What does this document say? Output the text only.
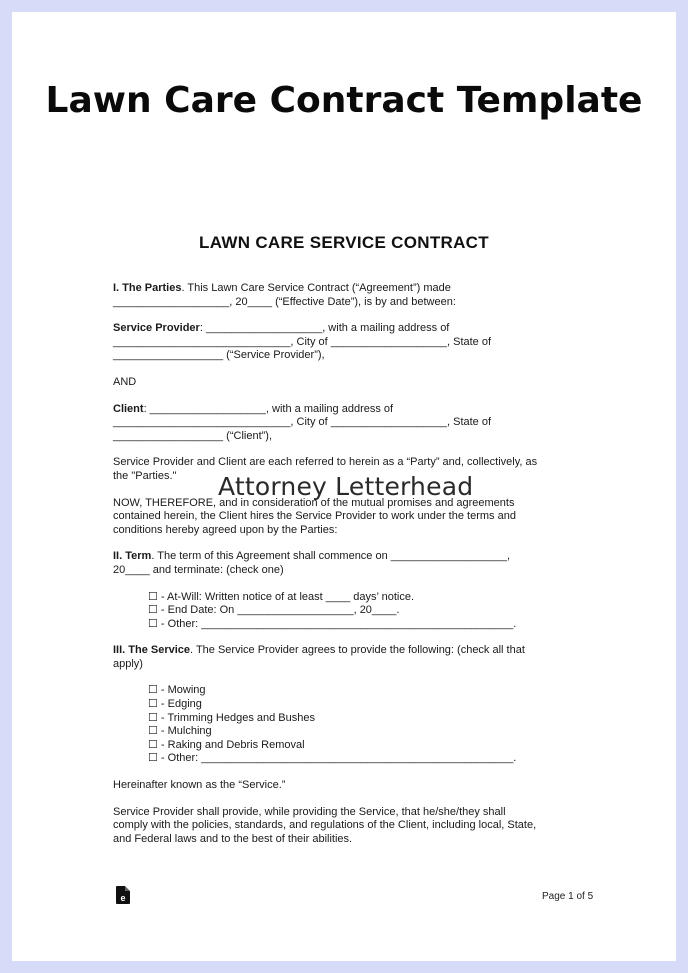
Lawn Care Contract Template
LAWN CARE SERVICE CONTRACT
I. The Parties. This Lawn Care Service Contract (“Agreement”) made
___________________, 20____ (“Effective Date”), is by and between:
Service Provider: ___________________, with a mailing address of
_____________________________, City of ___________________, State of
__________________ (“Service Provider”),
AND
Client: ___________________, with a mailing address of
_____________________________, City of ___________________, State of
__________________ (“Client”),
Service Provider and Client are each referred to herein as a “Party” and, collectively, as
the "Parties."
NOW, THEREFORE, and in consideration of the mutual promises and agreements
contained herein, the Client hires the Service Provider to work under the terms and
conditions hereby agreed upon by the Parties:
II. Term. The term of this Agreement shall commence on ___________________,
20____ and terminate: (check one)
☐ - At-Will: Written notice of at least ____ days’ notice.
☐ - End Date: On ___________________, 20____.
☐ - Other: ___________________________________________________.
III. The Service. The Service Provider agrees to provide the following: (check all that
apply)
☐ - Mowing
☐ - Edging
☐ - Trimming Hedges and Bushes
☐ - Mulching
☐ - Raking and Debris Removal
☐ - Other: ___________________________________________________.
Hereinafter known as the “Service.”
Service Provider shall provide, while providing the Service, that he/she/they shall
comply with the policies, standards, and regulations of the Client, including local, State,
and Federal laws and to the best of their abilities.
Attorney Letterhead
e	Page 1 of 5
